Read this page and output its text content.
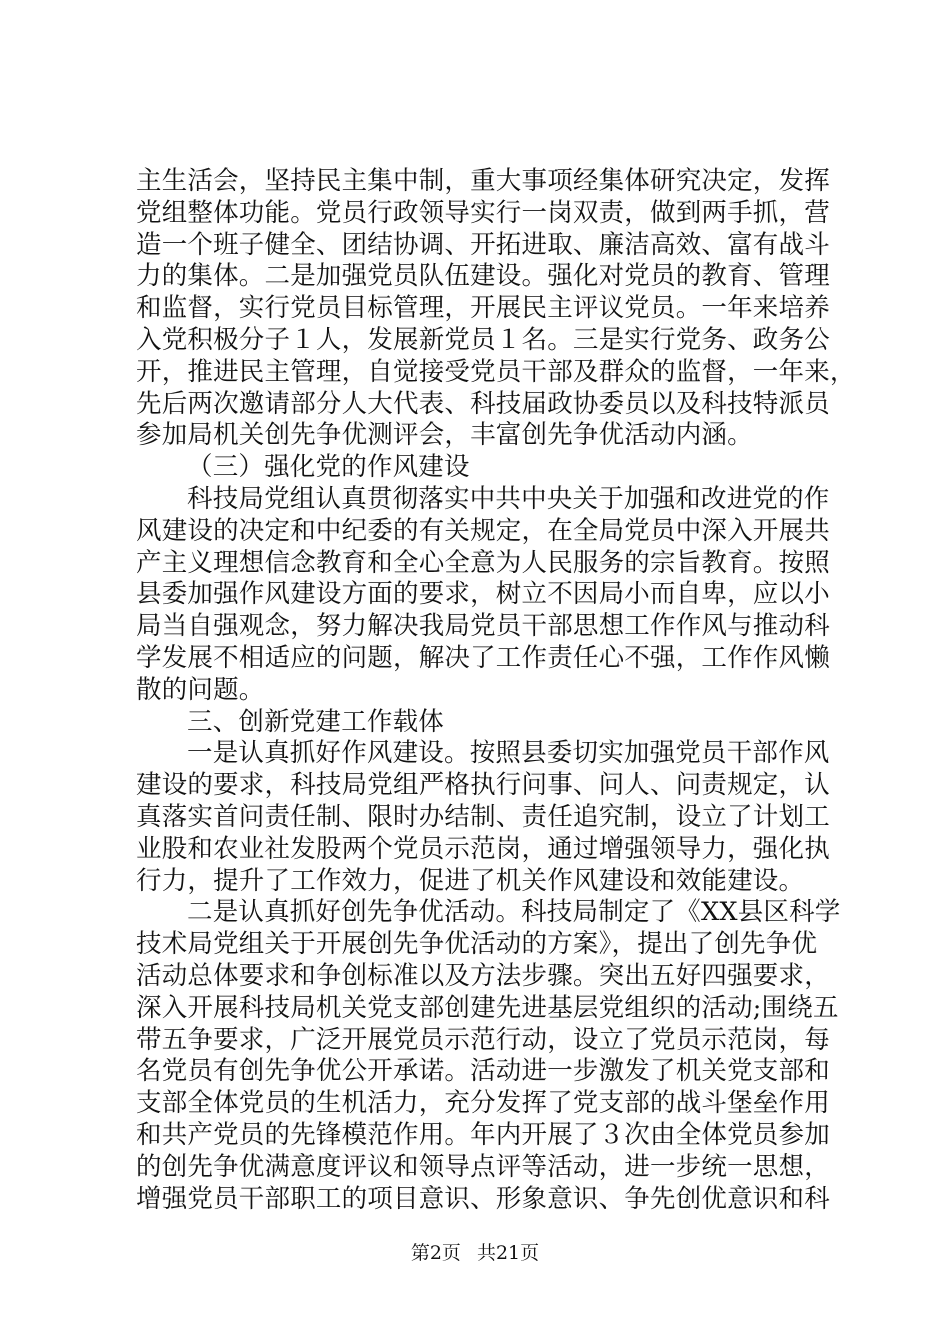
主生活会，坚持民主集中制，重大事项经集体研究决定，发挥
党组整体功能。党员行政领导实行一岗双责，做到两手抓，营
造一个班子健全、团结协调、开拓进取、廉洁高效、富有战斗
力的集体。二是加强党员队伍建设。强化对党员的教育、管理
和监督，实行党员目标管理，开展民主评议党员。一年来培养
入党积极分子１人，发展新党员１名。三是实行党务、政务公
开，推进民主管理，自觉接受党员干部及群众的监督，一年来，
先后两次邀请部分人大代表、科技届政协委员以及科技特派员
参加局机关创先争优测评会，丰富创先争优活动内涵。
（三）强化党的作风建设
科技局党组认真贯彻落实中共中央关于加强和改进党的作
风建设的决定和中纪委的有关规定，在全局党员中深入开展共
产主义理想信念教育和全心全意为人民服务的宗旨教育。按照
县委加强作风建设方面的要求，树立不因局小而自卑，应以小
局当自强观念，努力解决我局党员干部思想工作作风与推动科
学发展不相适应的问题，解决了工作责任心不强，工作作风懒
散的问题。
三、创新党建工作载体
一是认真抓好作风建设。按照县委切实加强党员干部作风
建设的要求，科技局党组严格执行问事、问人、问责规定，认
真落实首问责任制、限时办结制、责任追究制，设立了计划工
业股和农业社发股两个党员示范岗，通过增强领导力，强化执
行力，提升了工作效力，促进了机关作风建设和效能建设。
二是认真抓好创先争优活动。科技局制定了《XX县区科学
技术局党组关于开展创先争优活动的方案》，提出了创先争优
活动总体要求和争创标准以及方法步骤。突出五好四强要求，
深入开展科技局机关党支部创建先进基层党组织的活动;围绕五
带五争要求，广泛开展党员示范行动，设立了党员示范岗，每
名党员有创先争优公开承诺。活动进一步激发了机关党支部和
支部全体党员的生机活力，充分发挥了党支部的战斗堡垒作用
和共产党员的先锋模范作用。年内开展了３次由全体党员参加
的创先争优满意度评议和领导点评等活动，进一步统一思想，
增强党员干部职工的项目意识、形象意识、争先创优意识和科
第2页 共21页
